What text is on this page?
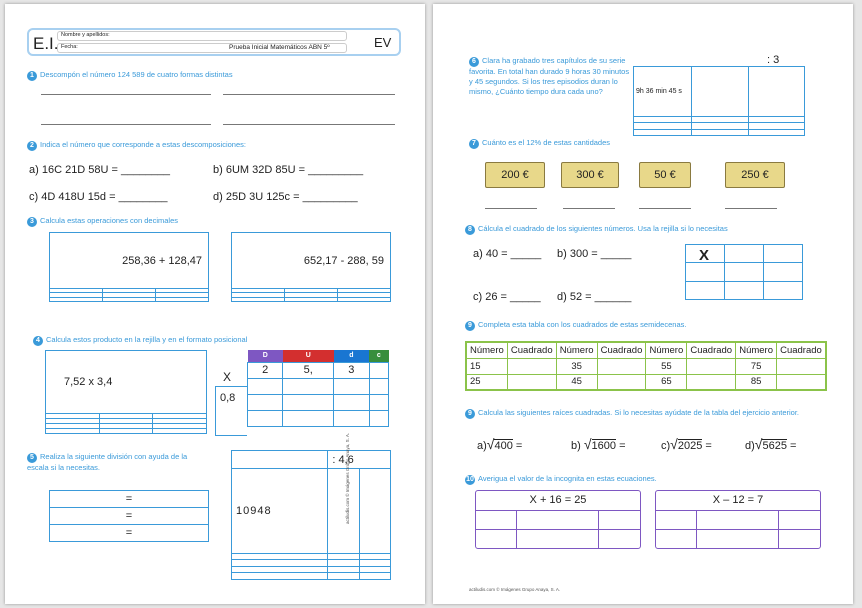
E.I. Nombre y apellidos:
Fecha:	Prueba Inicial Matemáticos ABN 5º	EV
1 Descompón el número 124 589 de cuatro formas distintas
2 Indica el número que corresponde a estas descomposiciones:
a) 16C 21D 58U = ________	b) 6UM 32D 85U = _________
c) 4D 418U 15d = ________	d) 25D 3U 125c = _________
3 Calcula estas operaciones con decimales
258,36 + 128,47		

			652,17 - 288, 59		

4 Calcula estos producto en la rejilla y en el formato posicional
7,52 x 3,4		

			X
0,8
D	U	d	c
2	5,	3	

5 Realiza la siguiente división con ayuda de la escala si la necesitas.
=
=
=
	: 4,6	
10948		

			actiludis.com © Imágenes Grupo Anaya, S. A.
6 Clara ha grabado tres capítulos de su serie favorita. En total han durado 9 horas 30 minutos y 45 segundos. Si los tres episodios duran lo mismo, ¿Cuánto tiempo dura cada uno?
: 3
9h 36 min 45 s		

7 Cuánto es el 12% de estas cantidades
200 €	300 €	50 €	250 €
8 Cálcula el cuadrado de los siguientes números. Usa la rejilla si lo necesitas
a) 40 = _____ b) 300 = _____
c) 26 = _____ d) 52 = ______
X

9 Completa esta tabla con los cuadrados de estas semidecenas.
Número	Cuadrado	Número	Cuadrado	Número	Cuadrado	Número	Cuadrado
15		35		55		75	
25		45		65		85	
9 Calcula las siguientes raíces cuadradas. Si lo necesitas ayúdate de la tabla del ejercicio anterior.
a)√400 =	b) √1600 =	c)√2025 =	d)√5625 =
10 Averigua el valor de la incognita en estas ecuaciones.
X + 16 = 25		

			X – 12 = 7		

actiludis.com © Imágenes Grupo Anaya, S. A.
